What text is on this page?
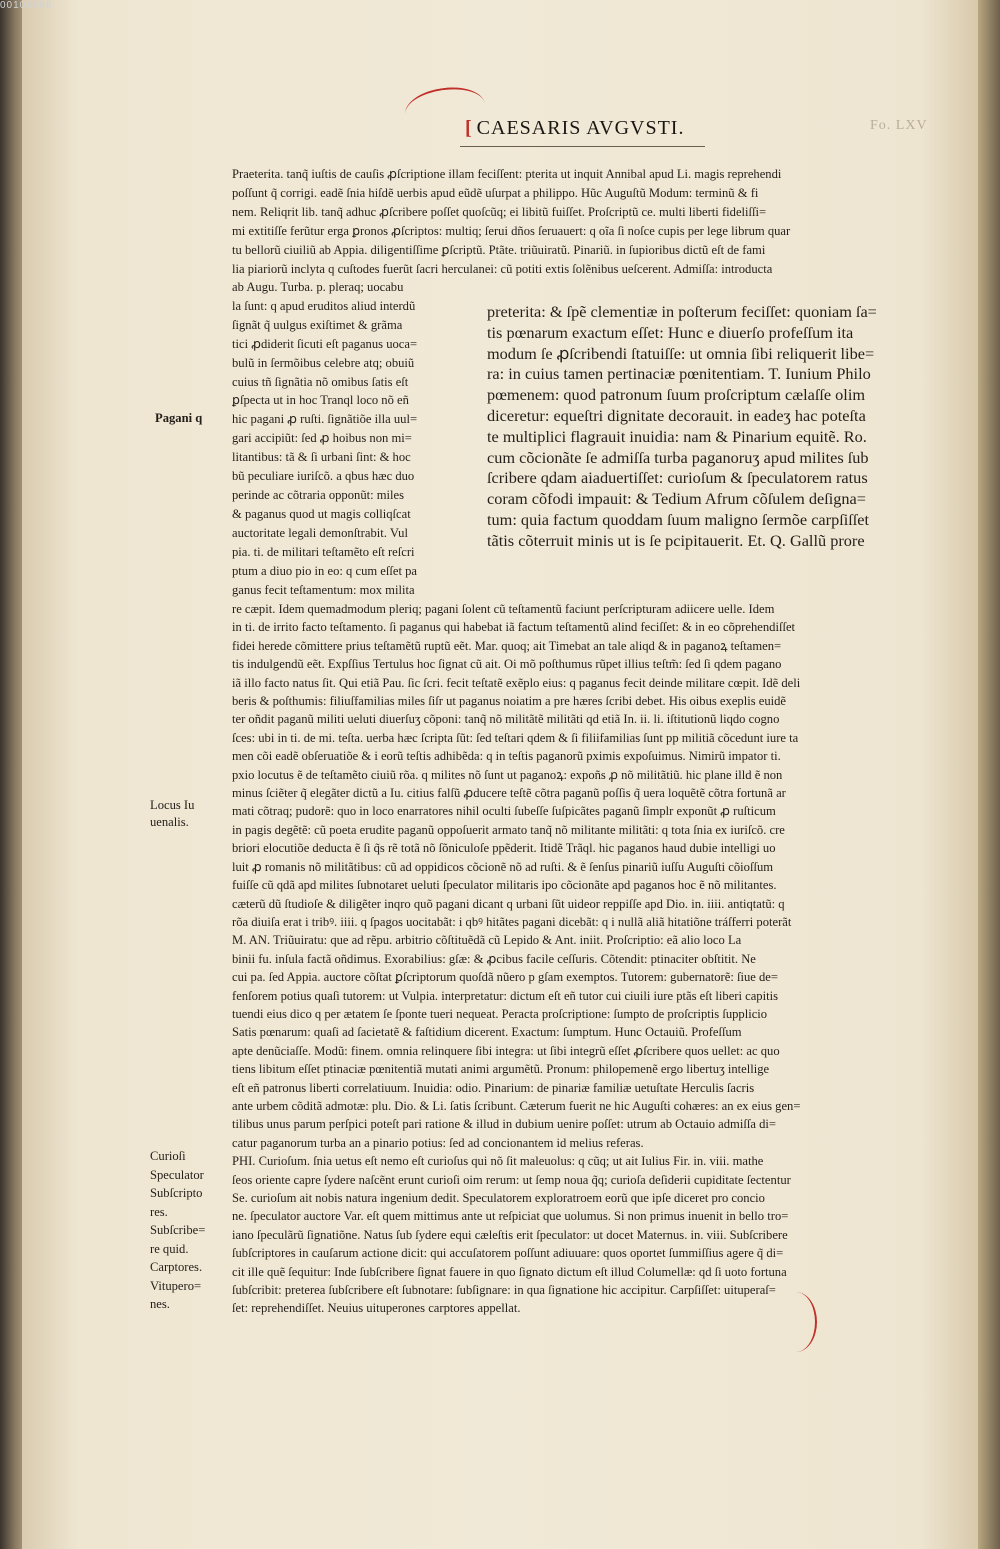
00105886
[ CAESARIS AVGVSTI.	Fo. LXV
Praeterita. tanq̃ iuſtis de cauſis ꝓſcriptione illam feciſſent: pterita ut inquit Annibal apud Li. magis reprehendi
poſſunt q̃ corrigi. eadẽ ſnia hiſdẽ uerbis apud eũdẽ uſurpat a philippo. Hũc Auguſtũ Modum: terminũ & fi
nem. Reliqrit lib. tanq̃ adhuc ꝓſcribere poſſet quoſcũq; ei libitũ fuiſſet. Proſcriptũ ce. multi liberti fideliſſi=
mi extitiſſe ferũtur erga ꝑronos ꝓſcriptos: multiq; ſerui dños ſeruauert: q oĩa ſi noſce cupis per lege librum quar
tu bellorũ ciuiliũ ab Appia. diligentiſſime ꝑſcriptũ. Ptãte. triũuiratũ. Pinariũ. in ſupioribus dictũ eſt de fami
lia piariorũ inclyta q cuſtodes fuerũt ſacri herculanei: cũ potiti extis ſolẽnibus ueſcerent. Admiſſa: introducta
ab Augu. Turba. p. pleraq; uocabu
la ſunt: q apud eruditos aliud interdũ
ſignãt q̃ uulgus exiſtimet & grãma
tici ꝓdiderit ſicuti eſt paganus uoca=
bulũ in ſermõibus celebre atq; obuiũ
cuius tñ ſignãtia nõ omibus ſatis eſt
ꝑſpecta ut in hoc Tranql loco nõ eñ
hic pagani ꝓ ruſti. ſignãtiõe illa uul=
gari accipiũt: ſed ꝓ hoibus non mi=
litantibus: tã & ſi urbani ſint: & hoc
bũ peculiare iuriſcõ. a qbus hæc duo
perinde ac cõtraria opponũt: miles
& paganus quod ut magis colliqſcat
auctoritate legali demonſtrabit. Vul
pia. ti. de militari teſtamẽto eſt reſcri
ptum a diuo pio in eo: q cum eſſet pa
ganus fecit teſtamentum: mox milita
preterita: & ſpẽ clementiæ in poſterum feciſſet: quoniam ſa=
tis pœnarum exactum eſſet: Hunc e diuerſo profeſſum ita
modum ſe ꝓſcribendi ſtatuiſſe: ut omnia ſibi reliquerit libe=
ra: in cuius tamen pertinaciæ pœnitentiam. T. Iunium Philo
pœmenem: quod patronum ſuum proſcriptum cælaſſe olim
diceretur: equeſtri dignitate decorauit. in eadeʒ hac poteſta
te multiplici flagrauit inuidia: nam & Pinarium equitẽ. Ro.
cum cõcionãte ſe admiſſa turba paganoruʒ apud milites ſub
ſcribere qdam aiaduertiſſet: curioſum & ſpeculatorem ratus
coram cõfodi impauit: & Tedium Afrum cõſulem deſigna=
tum: quia factum quoddam ſuum maligno ſermõe carpſiſſet
tãtis cõterruit minis ut is ſe pcipitauerit. Et. Q. Gallũ prore
re cæpit. Idem quemadmodum pleriq; pagani ſolent cũ teſtamentũ faciunt perſcripturam adiicere uelle. Idem
in ti. de irrito facto teſtamento. ſi paganus qui habebat iã factum teſtamentũ alind feciſſet: & in eo cõprehendiſſet
fidei herede cõmittere prius teſtamẽtũ ruptũ eẽt. Mar. quoq; ait Timebat an tale aliqd & in paganoꝝ teſtamen=
tis indulgendũ eẽt. Expſſius Tertulus hoc ſignat cũ ait. Oi mõ poſthumus rũpet illius teſtm̃: ſed ſi qdem pagano
iã illo facto natus ſit. Qui etiã Pau. ſic ſcri. fecit teſtatẽ exẽplo eius: q paganus fecit deinde militare cœpit. Idẽ deli
beris & poſthumis: filiuſfamilias miles ſiſr ut paganus noiatim a pre hæres ſcribi debet. His oibus exeplis euidẽ
ter oñdit paganũ militi ueluti diuerſuʒ cõponi: tanq̃ nõ militãtẽ militãti qd etiã In. ii. li. iſtitutionũ liqdo cogno
ſces: ubi in ti. de mi. teſta. uerba hæc ſcripta ſũt: ſed teſtari qdem & ſi filiifamilias ſunt pp militiã cõcedunt iure ta
men cõi eadẽ obſeruatiõe & i eorũ teſtis adhibẽda: q in teſtis paganorũ pximis expoſuimus. Nimirũ impator ti.
pxio locutus ẽ de teſtamẽto ciuiũ rõa. q milites nõ ſunt ut paganoꝝ: expoñs ꝓ nõ militãtiũ. hic plane illd ẽ non
minus ſciẽter q̃ elegãter dictũ a Iu. citius falſũ ꝓducere teſtẽ cõtra paganũ poſſis q̃ uera loquẽtẽ cõtra fortunã ar
mati cõtraq; pudorẽ: quo in loco enarratores nihil oculti ſubeſſe ſuſpicãtes paganũ ſimplr exponũt ꝓ ruſticum
in pagis degẽtẽ: cũ poeta erudite paganũ oppoſuerit armato tanq̃ nõ militante militãti: q tota ſnia ex iuriſcõ. cre
briori elocutiõe deducta ẽ ſi q̃s rẽ totã nõ ſõniculoſe ppẽderit. Itidẽ Trãql. hic paganos haud dubie intelligi uo
luit ꝓ romanis nõ militãtibus: cũ ad oppidicos cõcionẽ nõ ad ruſti. & ẽ ſenſus pinariũ iuſſu Auguſti cõioſſum
fuiſſe cũ qdã apd milites ſubnotaret ueluti ſpeculator militaris ipo cõcionãte apd paganos hoc ẽ nõ militantes.
cæterũ dũ ſtudioſe & diligẽter inqro quõ pagani dicant q urbani ſũt uideor reppiſſe apd Dio. in. iiii. antiqtatũ: q
rõa diuiſa erat i tribꝰ. iiii. q ſpagos uocitabãt: i qbꝰ hitãtes pagani dicebãt: q i nullã aliã hitatiõne tráſferri poterãt
M. AN. Triũuiratu: que ad rẽpu. arbitrio cõſtituẽdã cũ Lepido & Ant. iniit. Proſcriptio: eã alio loco La
binii fu. inſula factã oñdimus. Exorabilius: gſæ: & ꝓcibus facile ceſſuris. Cõtendit: ptinaciter obſtitit. Ne
cui pa. ſed Appia. auctore cõſtat ꝑſcriptorum quoſdã nũero p gſam exemptos. Tutorem: gubernatorẽ: ſiue de=
fenſorem potius quaſi tutorem: ut Vulpia. interpretatur: dictum eſt eñ tutor cui ciuili iure ptãs eſt liberi capitis
tuendi eius dico q per ætatem ſe ſponte tueri nequeat. Peracta proſcriptione: ſumpto de proſcriptis ſupplicio
Satis pœnarum: quaſi ad ſacietatẽ & faſtidium dicerent. Exactum: ſumptum. Hunc Octauiũ. Profeſſum
apte denũciaſſe. Modũ: finem. omnia relinquere ſibi integra: ut ſibi integrũ eſſet ꝓſcribere quos uellet: ac quo
tiens libitum eſſet ptinaciæ pœnitentiã mutati animi argumẽtũ. Pronum: philopemenẽ ergo libertuʒ intellige
eſt eñ patronus liberti correlatiuum. Inuidia: odio. Pinarium: de pinariæ familiæ uetuſtate Herculis ſacris
ante urbem cõditã admotæ: plu. Dio. & Li. ſatis ſcribunt. Cæterum fuerit ne hic Auguſti cohæres: an ex eius gen=
tilibus unus parum perſpici poteſt pari ratione & illud in dubium uenire poſſet: utrum ab Octauio admiſſa di=
catur paganorum turba an a pinario potius: ſed ad concionantem id melius referas.
PHI. Curioſum. ſnia uetus eſt nemo eſt curioſus qui nõ ſit maleuolus: q cũq; ut ait Iulius Fir. in. viii. mathe
ſeos oriente capre ſydere naſcẽnt erunt curioſi oim rerum: ut ſemp noua q̃q; curioſa deſiderii cupiditate ſectentur
Se. curioſum ait nobis natura ingenium dedit. Speculatorem exploratroem eorũ que ipſe diceret pro concio
ne. ſpeculator auctore Var. eſt quem mittimus ante ut reſpiciat que uolumus. Si non primus inuenit in bello tro=
iano ſpeculãrũ ſignatiõne. Natus ſub ſydere equi cæleſtis erit ſpeculator: ut docet Maternus. in. viii. Subſcribere
ſubſcriptores in cauſarum actione dicit: qui accuſatorem poſſunt adiuuare: quos oportet ſummiſſius agere q̃ di=
cit ille quẽ ſequitur: Inde ſubſcribere ſignat fauere in quo ſignato dictum eſt illud Columellæ: qd ſi uoto fortuna
ſubſcribit: preterea ſubſcribere eſt ſubnotare: ſubſignare: in qua ſignatione hic accipitur. Carpſiſſet: uituperaſ=
ſet: reprehendiſſet. Neuius uituperones carptores appellat.
Pagani q
Locus Iu
uenalis.
Curioſi
Speculator
Subſcripto
res.
Subſcribe=
re quid.
Carptores.
Vitupero=
nes.
